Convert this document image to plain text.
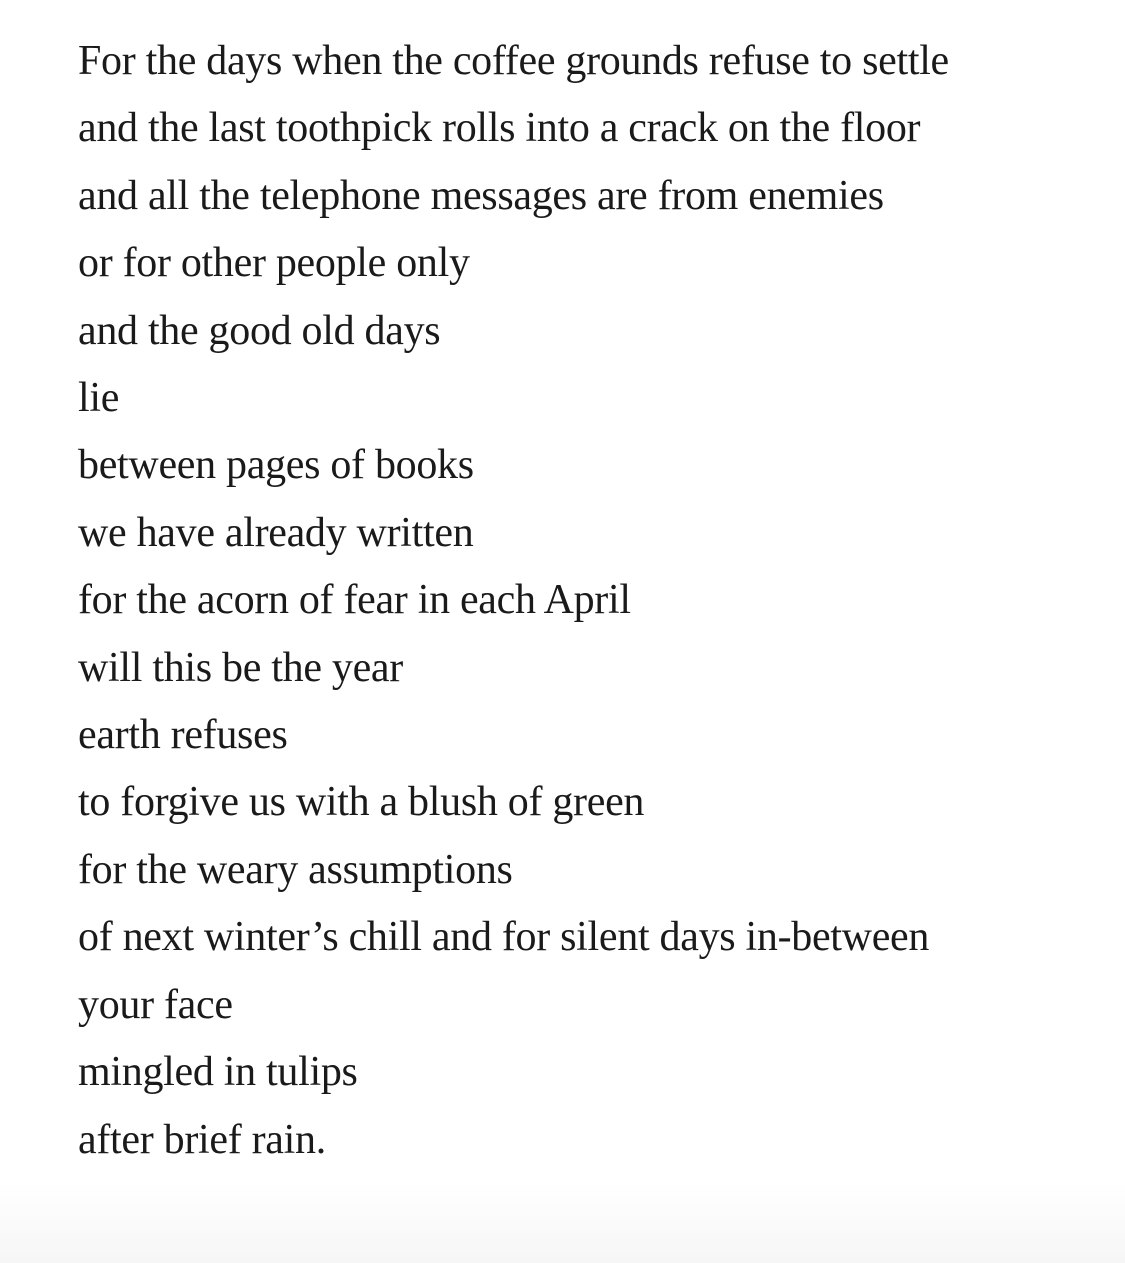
For the days when the coffee grounds refuse to settle
and the last toothpick rolls into a crack on the floor
and all the telephone messages are from enemies
or for other people only
and the good old days
lie
between pages of books
we have already written
for the acorn of fear in each April
will this be the year
earth refuses
to forgive us with a blush of green
for the weary assumptions
of next winter’s chill and for silent days in-between
your face
mingled in tulips
after brief rain.
